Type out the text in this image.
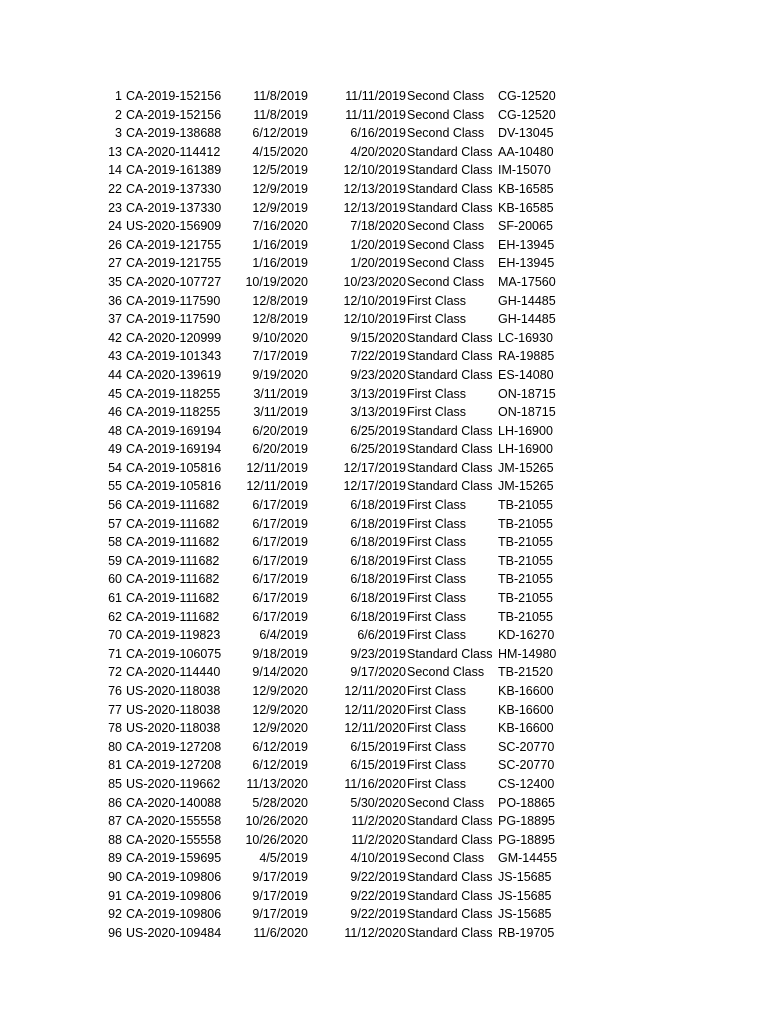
1 CA-2019-152156	11/8/2019	11/11/2019 Second Class	CG-12520
2 CA-2019-152156	11/8/2019	11/11/2019 Second Class	CG-12520
3 CA-2019-138688	6/12/2019	6/16/2019 Second Class	DV-13045
13 CA-2020-114412	4/15/2020	4/20/2020 Standard Class AA-10480
14 CA-2019-161389	12/5/2019	12/10/2019 Standard Class IM-15070
22 CA-2019-137330	12/9/2019	12/13/2019 Standard Class KB-16585
23 CA-2019-137330	12/9/2019	12/13/2019 Standard Class KB-16585
24 US-2020-156909	7/16/2020	7/18/2020 Second Class	SF-20065
26 CA-2019-121755	1/16/2019	1/20/2019 Second Class	EH-13945
27 CA-2019-121755	1/16/2019	1/20/2019 Second Class	EH-13945
35 CA-2020-107727	10/19/2020	10/23/2020 Second Class	MA-17560
36 CA-2019-117590	12/8/2019	12/10/2019 First Class	GH-14485
37 CA-2019-117590	12/8/2019	12/10/2019 First Class	GH-14485
42 CA-2020-120999	9/10/2020	9/15/2020 Standard Class LC-16930
43 CA-2019-101343	7/17/2019	7/22/2019 Standard Class RA-19885
44 CA-2020-139619	9/19/2020	9/23/2020 Standard Class ES-14080
45 CA-2019-118255	3/11/2019	3/13/2019 First Class	ON-18715
46 CA-2019-118255	3/11/2019	3/13/2019 First Class	ON-18715
48 CA-2019-169194	6/20/2019	6/25/2019 Standard Class LH-16900
49 CA-2019-169194	6/20/2019	6/25/2019 Standard Class LH-16900
54 CA-2019-105816	12/11/2019	12/17/2019 Standard Class JM-15265
55 CA-2019-105816	12/11/2019	12/17/2019 Standard Class JM-15265
56 CA-2019-111682	6/17/2019	6/18/2019 First Class	TB-21055
57 CA-2019-111682	6/17/2019	6/18/2019 First Class	TB-21055
58 CA-2019-111682	6/17/2019	6/18/2019 First Class	TB-21055
59 CA-2019-111682	6/17/2019	6/18/2019 First Class	TB-21055
60 CA-2019-111682	6/17/2019	6/18/2019 First Class	TB-21055
61 CA-2019-111682	6/17/2019	6/18/2019 First Class	TB-21055
62 CA-2019-111682	6/17/2019	6/18/2019 First Class	TB-21055
70 CA-2019-119823	6/4/2019	6/6/2019 First Class	KD-16270
71 CA-2019-106075	9/18/2019	9/23/2019 Standard Class HM-14980
72 CA-2020-114440	9/14/2020	9/17/2020 Second Class	TB-21520
76 US-2020-118038	12/9/2020	12/11/2020 First Class	KB-16600
77 US-2020-118038	12/9/2020	12/11/2020 First Class	KB-16600
78 US-2020-118038	12/9/2020	12/11/2020 First Class	KB-16600
80 CA-2019-127208	6/12/2019	6/15/2019 First Class	SC-20770
81 CA-2019-127208	6/12/2019	6/15/2019 First Class	SC-20770
85 US-2020-119662	11/13/2020	11/16/2020 First Class	CS-12400
86 CA-2020-140088	5/28/2020	5/30/2020 Second Class	PO-18865
87 CA-2020-155558	10/26/2020	11/2/2020 Standard Class PG-18895
88 CA-2020-155558	10/26/2020	11/2/2020 Standard Class PG-18895
89 CA-2019-159695	4/5/2019	4/10/2019 Second Class	GM-14455
90 CA-2019-109806	9/17/2019	9/22/2019 Standard Class JS-15685
91 CA-2019-109806	9/17/2019	9/22/2019 Standard Class JS-15685
92 CA-2019-109806	9/17/2019	9/22/2019 Standard Class JS-15685
96 US-2020-109484	11/6/2020	11/12/2020 Standard Class RB-19705
